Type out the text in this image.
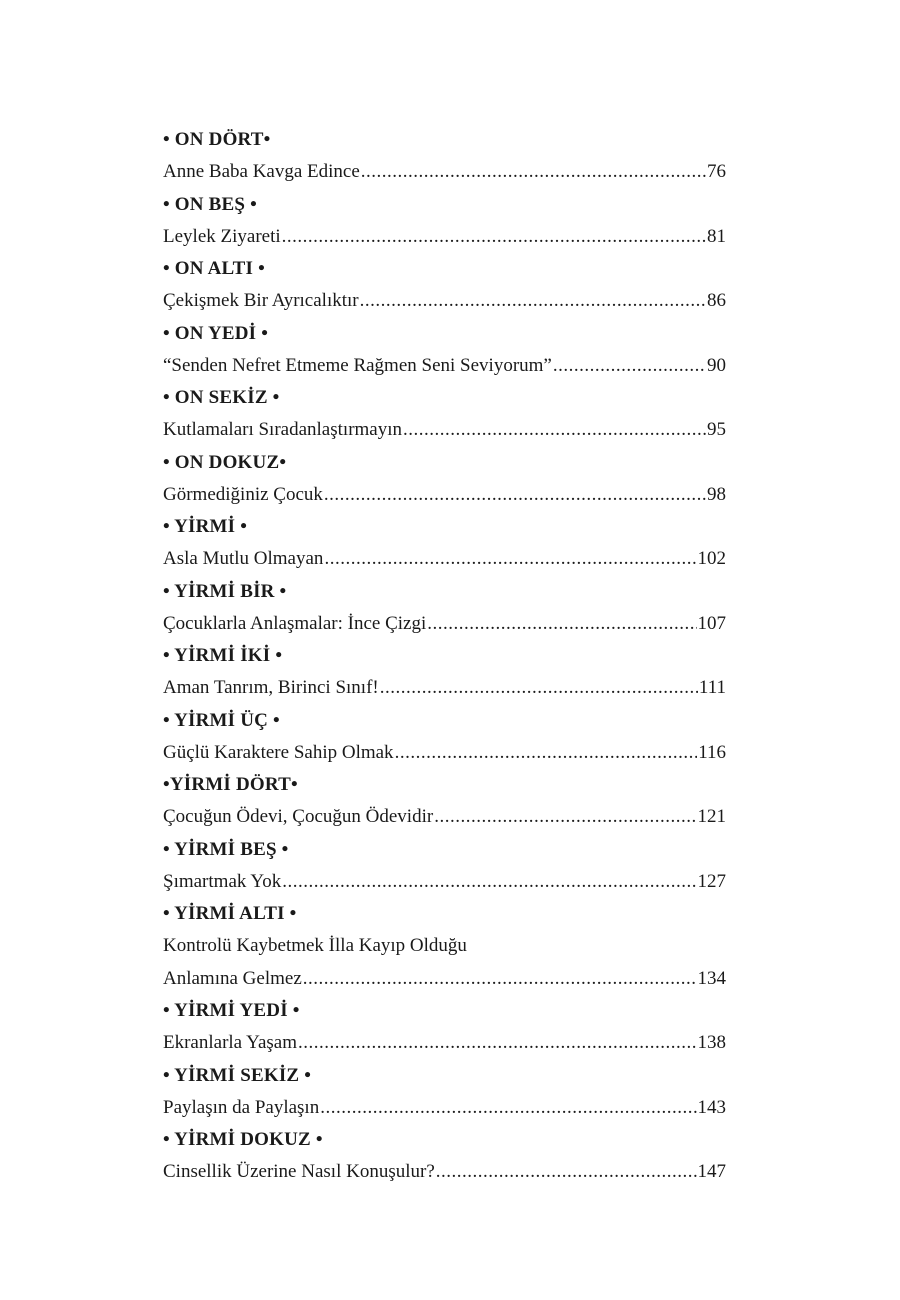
• ON DÖRT•
Anne Baba Kavga Edince .....	76
• ON BEŞ •
Leylek Ziyareti .....	81
• ON ALTI •
Çekişmek Bir Ayrıcalıktır .....	86
• ON YEDİ •
“Senden Nefret Etmeme Rağmen Seni Seviyorum” .....	90
• ON SEKİZ •
Kutlamaları Sıradanlaştırmayın .....	95
• ON DOKUZ•
Görmediğiniz Çocuk .....	98
• YİRMİ •
Asla Mutlu Olmayan .....	102
• YİRMİ BİR •
Çocuklarla Anlaşmalar: İnce Çizgi .....	107
• YİRMİ İKİ •
Aman Tanrım, Birinci Sınıf! .....	111
• YİRMİ ÜÇ •
Güçlü Karaktere Sahip Olmak .....	116
•YİRMİ DÖRT•
Çocuğun Ödevi, Çocuğun Ödevidir .....	121
• YİRMİ BEŞ •
Şımartmak Yok .....	127
• YİRMİ ALTI •
Kontrolü Kaybetmek İlla Kayıp Olduğu
Anlamına Gelmez .....	134
• YİRMİ YEDİ •
Ekranlarla Yaşam .....	138
• YİRMİ SEKİZ •
Paylaşın da Paylaşın .....	143
• YİRMİ DOKUZ •
Cinsellik Üzerine Nasıl Konuşulur? .....	147
